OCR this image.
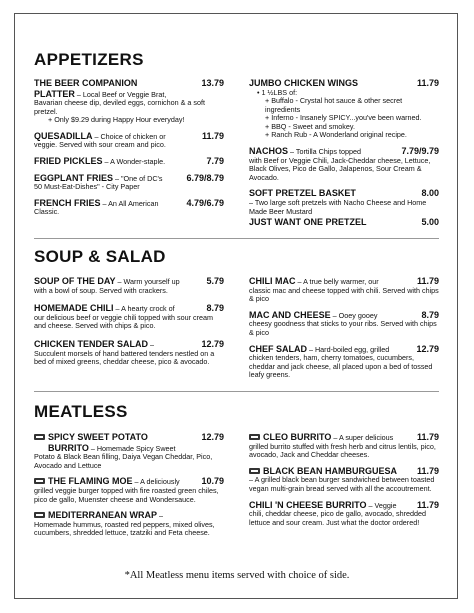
APPETIZERS
THE BEER COMPANION	13.79
PLATTER – Local Beef or Veggie Brat,
Bavarian cheese dip, deviled eggs, cornichon & a soft pretzel.
+ Only $9.29 during Happy Hour everyday!
QUESADILLA – Choice of chicken or	11.79
veggie. Served with sour cream and pico.
FRIED PICKLES – A Wonder-staple.	7.79
EGGPLANT FRIES – "One of DC's	6.79/8.79
50 Must-Eat-Dishes" - City Paper
FRENCH FRIES – An All American	4.79/6.79
Classic.
JUMBO CHICKEN WINGS	11.79
• 1 ½LBS of:
+ Buffalo - Crystal hot sauce & other secret ingredients
+ Inferno - Insanely SPICY...you've been warned.
+ BBQ - Sweet and smokey.
+ Ranch Rub - A Wonderland original recipe.
NACHOS – Tortilla Chips topped	7.79/9.79
with Beef or Veggie Chili, Jack-Cheddar cheese, Lettuce, Black Olives, Pico de Gallo, Jalapenos, Sour Cream & Avocado.
SOFT PRETZEL BASKET	8.00
– Two large soft pretzels with Nacho Cheese and Home Made Beer Mustard
JUST WANT ONE PRETZEL	5.00
SOUP & SALAD
SOUP OF THE DAY – Warm yourself up	5.79
with a bowl of soup. Served with crackers.
HOMEMADE CHILI – A hearty crock of	8.79
our delicious beef or veggie chili topped with sour cream and cheese. Served with chips & pico.
CHICKEN TENDER SALAD –	12.79
Succulent morsels of hand battered tenders nestled on a bed of mixed greens, cheddar cheese, pico & avocado.
CHILI MAC – A true belly warmer, our	11.79
classic mac and cheese topped with chili. Served with chips & pico
MAC AND CHEESE – Ooey gooey	8.79
cheesy goodness that sticks to your ribs. Served with chips & pico
CHEF SALAD – Hard-boiled egg, grilled	12.79
chicken tenders, ham, cherry tomatoes, cucumbers, cheddar and jack cheese, all placed upon a bed of tossed leafy greens.
MEATLESS
SPICY SWEET POTATO	12.79
BURRITO – Homemade Spicy Sweet
Potato & Black Bean filling, Daiya Vegan Cheddar, Pico, Avocado and Lettuce
THE FLAMING MOE – A deliciously	10.79
grilled veggie burger topped with fire roasted green chiles, pico de gallo, Muenster cheese and Wondersauce.
MEDITERRANEAN WRAP –
Homemade hummus, roasted red peppers, mixed olives, cucumbers, shredded lettuce, tzatziki and Feta cheese.
CLEO BURRITO – A super delicious	11.79
grilled burrito stuffed with fresh herb and citrus lentils, pico, avocado, Jack and Cheddar cheeses.
BLACK BEAN HAMBURGUESA	11.79
– A grilled black bean burger sandwiched between toasted vegan multi-grain bread served with all the accoutrement.
CHILI 'N CHEESE BURRITO – Veggie	11.79
chili, cheddar cheese, pico de gallo, avocado, shredded lettuce and sour cream. Just what the doctor ordered!
*All Meatless menu items served with choice of side.
